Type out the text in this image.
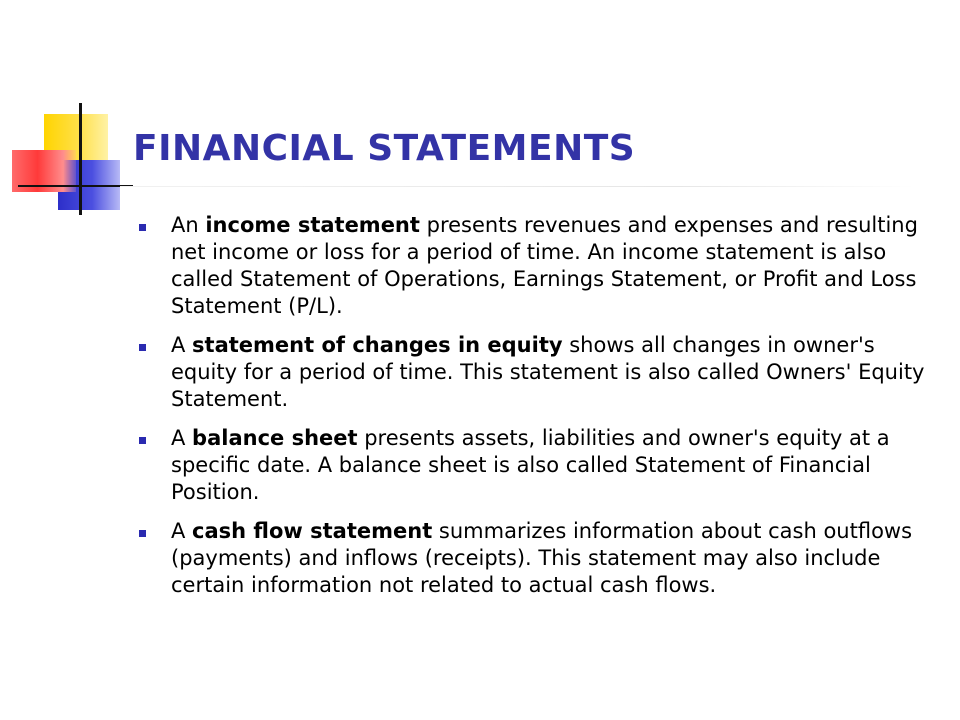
FINANCIAL STATEMENTS
An income statement presents revenues and expenses and resulting net income or loss for a period of time. An income statement is also called Statement of Operations, Earnings Statement, or Profit and Loss Statement (P/L).
A statement of changes in equity shows all changes in owner's equity for a period of time. This statement is also called Owners' Equity Statement.
A balance sheet presents assets, liabilities and owner's equity at a specific date. A balance sheet is also called Statement of Financial Position.
A cash flow statement summarizes information about cash outflows (payments) and inflows (receipts). This statement may also include certain information not related to actual cash flows.
